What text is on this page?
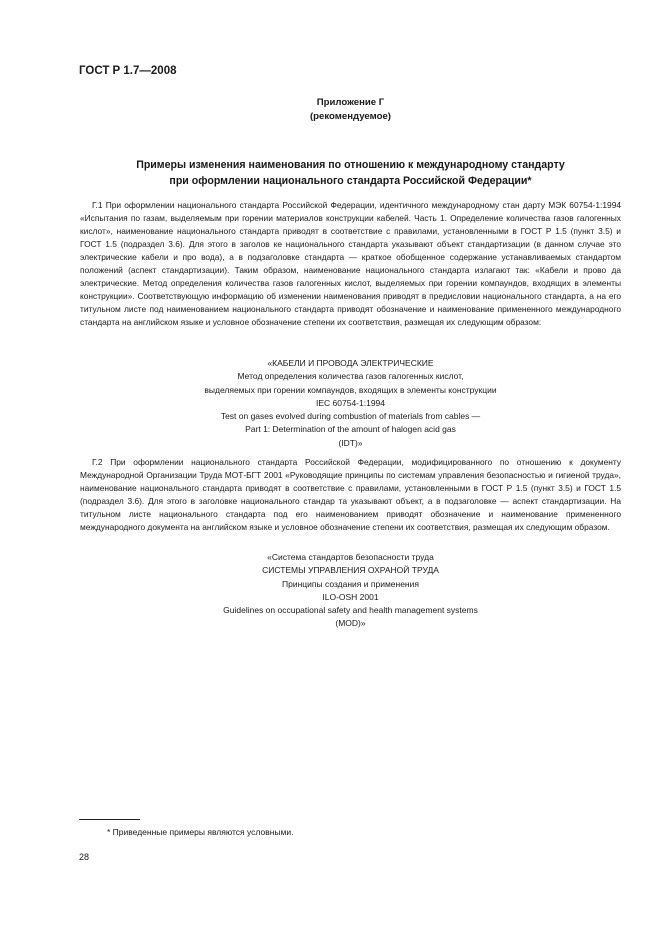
ГОСТ Р 1.7—2008
Приложение Г
(рекомендуемое)
Примеры изменения наименования по отношению к международному стандарту
при оформлении национального стандарта Российской Федерации*

Г.1 При оформлении национального стандарта Российской Федерации, идентичного международному стан дарту МЭК 60754-1:1994 «Испытания по газам, выделяемым при горении материалов конструкции кабелей. Часть 1. Определение количества газов галогенных кислот», наименование национального стандарта приводят в соответствие с правилами, установленными в ГОСТ Р 1.5 (пункт 3.5) и ГОСТ 1.5 (подраздел 3.6). Для этого в заголов ке национального стандарта указывают объект стандартизации (в данном случае это электрические кабели и про вода), а в подзаголовке стандарта — краткое обобщенное содержание устанавливаемых стандартом положений (аспект стандартизации). Таким образом, наименование национального стандарта излагают так: «Кабели и прово да электрические. Метод определения количества газов галогенных кислот, выделяемых при горении компаундов, входящих в элементы конструкции». Соответствующую информацию об изменении наименования приводят в предисловии национального стандарта, а на его титульном листе под наименованием национального стандарта приводят обозначение и наименование примененного международного стандарта на английском языке и условное обозначение степени их соответствия, размещая их следующим образом:

«КАБЕЛИ И ПРОВОДА ЭЛЕКТРИЧЕСКИЕ
Метод определения количества газов галогенных кислот,
выделяемых при горении компаундов, входящих в элементы конструкции
IEC 60754-1:1994
Test on gases evolved during combustion of materials from cables —
Part 1: Determination of the amount of halogen acid gas
(IDT)»

Г.2 При оформлении национального стандарта Российской Федерации, модифицированного по отношению к документу Международной Организации Труда МОТ-БГТ 2001 «Руководящие принципы по системам управления безопасностью и гигиеной труда», наименование национального стандарта приводят в соответствие с правилами, установленными в ГОСТ Р 1.5 (пункт 3.5) и ГОСТ 1.5 (подраздел 3.6). Для этого в заголовке национального стандар та указывают объект, а в подзаголовке — аспект стандартизации. На титульном листе национального стандарта под его наименованием приводят обозначение и наименование примененного международного документа на английском языке и условное обозначение степени их соответствия, размещая их следующим образом.

«Система стандартов безопасности труда
СИСТЕМЫ УПРАВЛЕНИЯ ОХРАНОЙ ТРУДА
Принципы создания и применения
ILO-OSH 2001
Guidelines on occupational safety and health management systems
(MOD)»
* Приведенные примеры являются условными.
28
